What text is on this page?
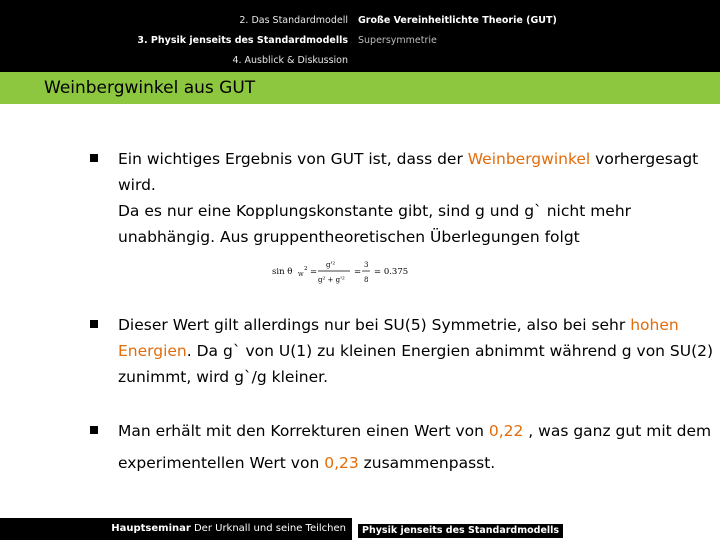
2. Das Standardmodell
3. Physik jenseits des Standardmodells
4. Ausblick & Diskussion
Große Vereinheitlichte Theorie (GUT)
Supersymmetrie
Weinbergwinkel aus GUT
Ein wichtiges Ergebnis von GUT ist, dass der Weinbergwinkel vorhergesagt wird.
Da es nur eine Kopplungskonstante gibt, sind g und g` nicht mehr unabhängig. Aus gruppentheoretischen Überlegungen folgt
sin θ W
2 =
g'²
g² + g'²
=
3
8
= 0.375
Dieser Wert gilt allerdings nur bei SU(5) Symmetrie, also bei sehr hohen Energien. Da g` von U(1) zu kleinen Energien abnimmt während g von SU(2) zunimmt, wird g`/g kleiner.
Man erhält mit den Korrekturen einen Wert von 0,22 , was ganz gut mit dem experimentellen Wert von 0,23 zusammenpasst.
Hauptseminar Der Urknall und seine Teilchen	Physik jenseits des Standardmodells
